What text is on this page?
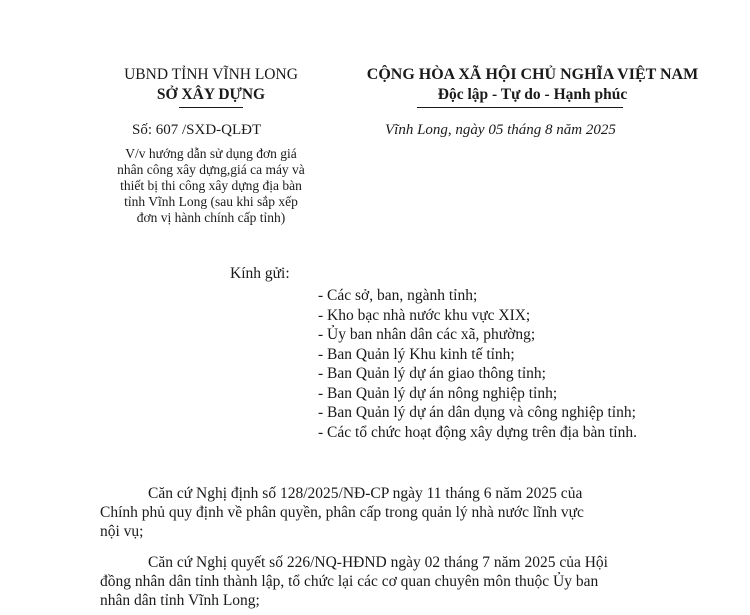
UBND TỈNH VĨNH LONG
SỞ XÂY DỰNG
CỘNG HÒA XÃ HỘI CHỦ NGHĨA VIỆT NAM
Độc lập - Tự do - Hạnh phúc
Số: 607 /SXD-QLĐT	Vĩnh Long, ngày 05 tháng 8 năm 2025
V/v hướng dẫn sử dụng đơn giá
nhân công xây dựng,giá ca máy và
thiết bị thi công xây dựng địa bàn
tỉnh Vĩnh Long (sau khi sắp xếp
đơn vị hành chính cấp tỉnh)
Kính gửi:
- Các sở, ban, ngành tỉnh;
- Kho bạc nhà nước khu vực XIX;
- Ủy ban nhân dân các xã, phường;
- Ban Quản lý Khu kinh tế tỉnh;
- Ban Quản lý dự án giao thông tỉnh;
- Ban Quản lý dự án nông nghiệp tỉnh;
- Ban Quản lý dự án dân dụng và công nghiệp tỉnh;
- Các tổ chức hoạt động xây dựng trên địa bàn tỉnh.

Căn cứ Nghị định số 128/2025/NĐ-CP ngày 11 tháng 6 năm 2025 của
Chính phủ quy định về phân quyền, phân cấp trong quản lý nhà nước lĩnh vực
nội vụ;

Căn cứ Nghị quyết số 226/NQ-HĐND ngày 02 tháng 7 năm 2025 của Hội
đồng nhân dân tỉnh thành lập, tổ chức lại các cơ quan chuyên môn thuộc Ủy ban
nhân dân tỉnh Vĩnh Long;
